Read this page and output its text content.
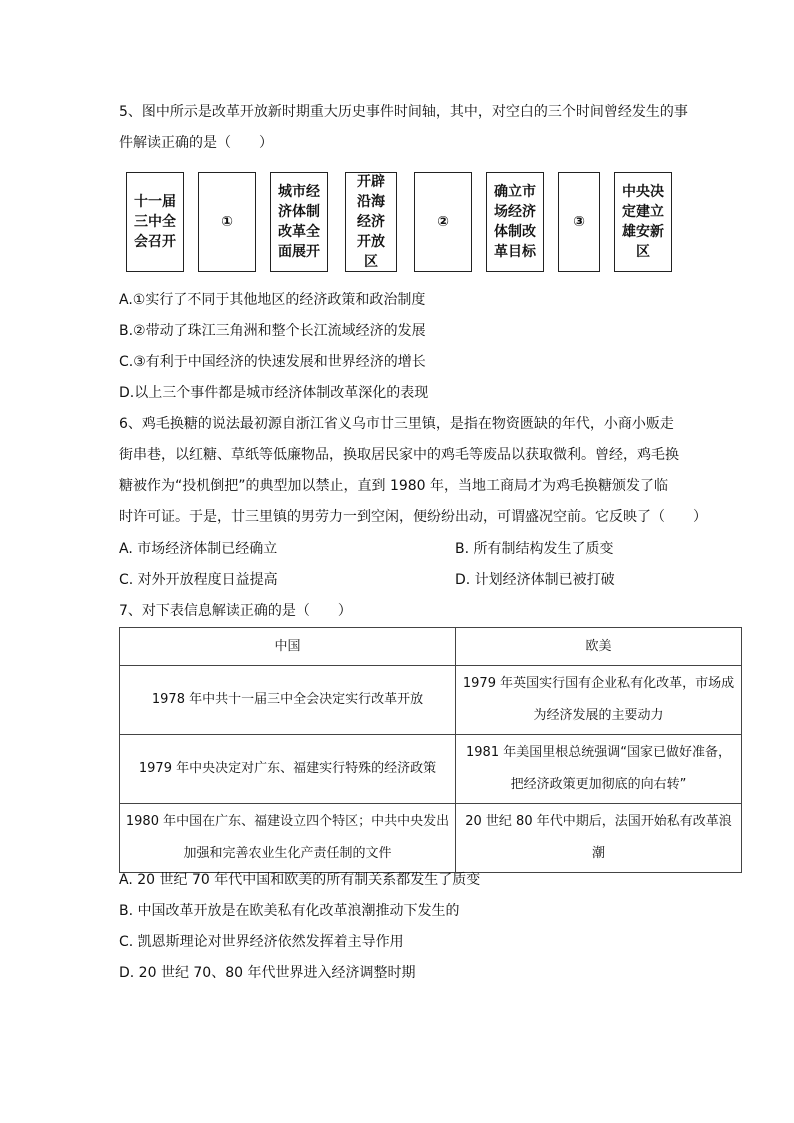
5、图中所示是改革开放新时期重大历史事件时间轴，其中，对空白的三个时间曾经发生的事
件解读正确的是（　　）
十一届
三中全
会召开
①
城市经
济体制
改革全
面展开
开辟
沿海
经济
开放
区
②
确立市
场经济
体制改
革目标
③
中央决
定建立
雄安新
区
A.①实行了不同于其他地区的经济政策和政治制度
B.②带动了珠江三角洲和整个长江流域经济的发展
C.③有利于中国经济的快速发展和世界经济的增长
D.以上三个事件都是城市经济体制改革深化的表现
6、鸡毛换糖的说法最初源自浙江省义乌市廿三里镇，是指在物资匮缺的年代，小商小贩走
街串巷，以红糖、草纸等低廉物品，换取居民家中的鸡毛等废品以获取微利。曾经，鸡毛换
糖被作为“投机倒把”的典型加以禁止，直到 1980 年，当地工商局才为鸡毛换糖颁发了临
时许可证。于是，廿三里镇的男劳力一到空闲，便纷纷出动，可谓盛况空前。它反映了（　　）
A. 市场经济体制已经确立	B. 所有制结构发生了质变
C. 对外开放程度日益提高	D. 计划经济体制已被打破
7、对下表信息解读正确的是（　　）
中国	欧美
1978 年中共十一届三中全会决定实行改革开放	1979 年英国实行国有企业私有化改革，市场成
为经济发展的主要动力
1979 年中央决定对广东、福建实行特殊的经济政策	1981 年美国里根总统强调“国家已做好准备，
把经济政策更加彻底的向右转”
1980 年中国在广东、福建设立四个特区；中共中央发出
加强和完善农业生化产责任制的文件	20 世纪 80 年代中期后，法国开始私有改革浪
潮
A. 20 世纪 70 年代中国和欧美的所有制关系都发生了质变
B. 中国改革开放是在欧美私有化改革浪潮推动下发生的
C. 凯恩斯理论对世界经济依然发挥着主导作用
D. 20 世纪 70、80 年代世界进入经济调整时期
